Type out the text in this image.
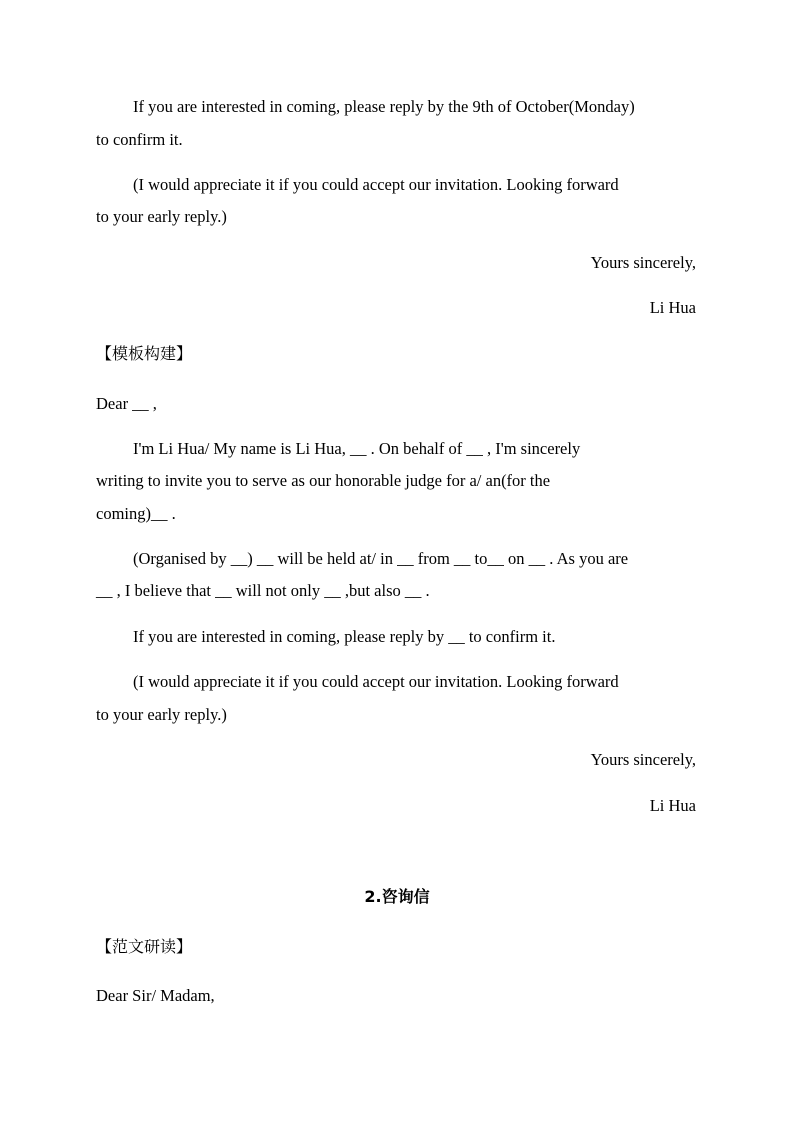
If you are interested in coming, please reply by the 9th of October(Monday)
to confirm it.
(I would appreciate it if you could accept our invitation. Looking forward
to your early reply.)
Yours sincerely,
Li Hua
【模板构建】
Dear __ ,
I'm Li Hua/ My name is Li Hua, __ . On behalf of __ , I'm sincerely
writing to invite you to serve as our honorable judge for a/ an(for the
coming)__ .
(Organised by __) __ will be held at/ in __ from __ to__ on __ . As you are
__ , I believe that __ will not only __ ,but also __ .
If you are interested in coming, please reply by __ to confirm it.
(I would appreciate it if you could accept our invitation. Looking forward
to your early reply.)
Yours sincerely,
Li Hua
2.咨询信
【范文研读】
Dear Sir/ Madam,
